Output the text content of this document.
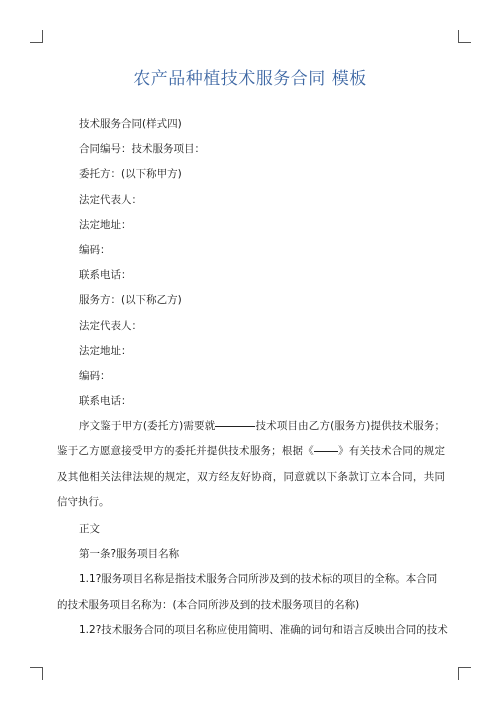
农产品种植技术服务合同 模板
技术服务合同(样式四)
合同编号：技术服务项目：
委托方：(以下称甲方)
法定代表人：
法定地址：
编码：
联系电话：
服务方：(以下称乙方)
法定代表人：
法定地址：
编码：
联系电话：
序文鉴于甲方(委托方)需要就	技术项目由乙方(服务方)提供技术服务；鉴于乙方愿意接受甲方的委托并提供技术服务；根据《 》有关技术合同的规定及其他相关法律法规的规定，双方经友好协商，同意就以下条款订立本合同，共同信守执行。
正文
第一条?服务项目名称
1.1?服务项目名称是指技术服务合同所涉及到的技术标的项目的全称。本合同的技术服务项目名称为：(本合同所涉及到的技术服务项目的名称)
1.2?技术服务合同的项目名称应使用简明、准确的词句和语言反映出合同的技术
